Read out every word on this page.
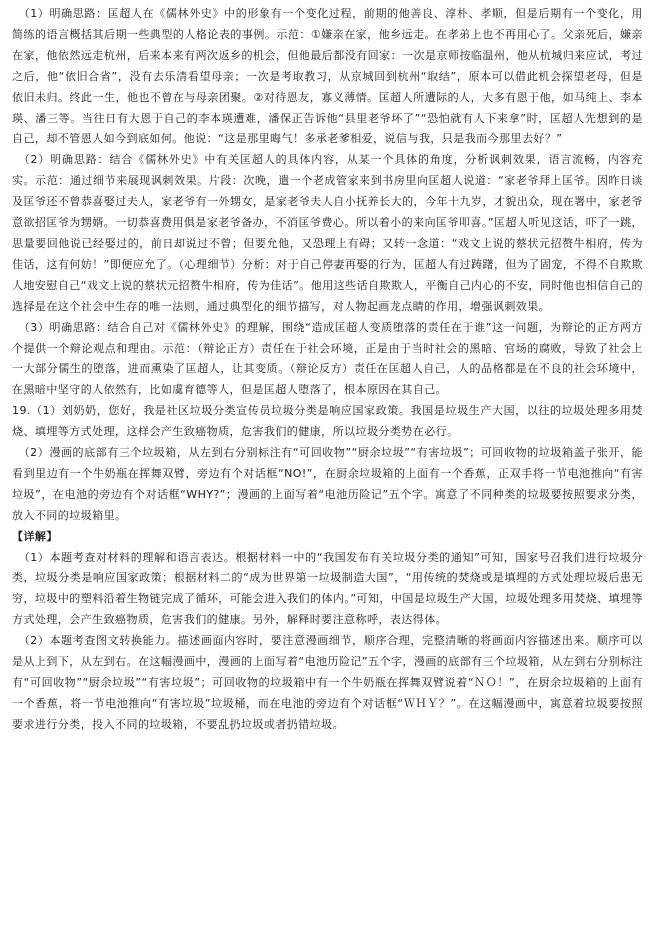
（1）明确思路：匡超人在《儒林外史》中的形象有一个变化过程，前期的他善良、淳朴、孝顺，但是后期有一个变化，用简练的语言概括其后期一些典型的人格论表的事例。示范：①嫌亲在家，他乡远走。在孝弟上也不再用心了。父亲死后，嫌亲在家，他依然远走杭州，后来本来有两次返乡的机会，但他最后都没有回家：一次是京师按临温州，他从杭城归来应试，考过之后，他“依旧合省”，没有去乐清看望母亲；一次是考取教习，从京城回到杭州“取结”，原本可以借此机会探望老母，但是依旧未归。终此一生，他也不曾在与母亲团聚。②对待恩友，寡义薄情。匡超人所遭际的人，大多有恩于他，如马纯上、李本瑛、潘三等。当往日有大恩于自己的李本瑛遭难，潘保正告诉他“县里老爷坏了”“恐怕就有人下来拿”时，匡超人先想到的是自己，却不管恩人如今到底如何。他说：“这是那里晦气！多承老爹相爱，说信与我，只是我而今那里去好？”

（2）明确思路：结合《儒林外史》中有关匡超人的具体内容，从某一个具体的角度，分析讽刺效果，语言流畅，内容充实。示范：通过细节来展现讽刺效果。片段：次晚，遣一个老成管家来到书房里向匡超人说道：“家老爷拜上匡爷。因昨日谈及匡爷还不曾恭喜娶过夫人，家老爷有一外甥女，是家老爷夫人自小抚养长大的，今年十九岁，才貌出众，现在署中，家老爷意欲招匡爷为甥婿。一切恭喜费用俱是家老爷备办，不消匡爷费心。所以着小的来向匡爷叩喜。”匡超人听见这话，吓了一跳，思量要回他说已经娶过的，前日却说过不曾；但要允他，又恐理上有碍；又转一念道：“戏文上说的蔡状元招赘牛相府，传为佳话，这有何妨！”即便应允了。（心理细节）分析：对于自己停妻再娶的行为，匡超人有过踌躇，但为了固宠，不得不自欺欺人地安慰自己“戏文上说的蔡状元招赘牛相府，传为佳话”。他用这些话自欺欺人，平衡自己内心的不安，同时他也相信自己的选择是在这个社会中生存的唯一法则，通过典型化的细节描写，对人物起画龙点睛的作用，增强讽刺效果。

（3）明确思路：结合自己对《儒林外史》的理解，围绕“造成匡超人变质堕落的责任在于谁”这一问题，为辩论的正方两方个提供一个辩论观点和理由。示范：（辩论正方）责任在于社会环境，正是由于当时社会的黑暗、官场的腐败，导致了社会上一大部分儒生的堕落，进而熏染了匡超人，让其变质。（辩论反方）责任在匡超人自己，人的品格都是在不良的社会环境中，在黑暗中坚守的人依然有，比如虞育德等人，但是匡超人堕落了，根本原因在其自己。

19.（1）刘奶奶，您好，我是社区垃圾分类宣传员垃圾分类是响应国家政策。我国是垃圾生产大国，以往的垃圾处理多用焚烧、填埋等方式处理，这样会产生致癌物质，危害我们的健康，所以垃圾分类势在必行。

（2）漫画的底部有三个垃圾箱，从左到右分别标注有“可回收物”“厨余垃圾”“有害垃圾”；可回收物的垃圾箱盖子张开，能看到里边有一个牛奶瓶在挥舞双臂，旁边有个对话框“NO!”，在厨余垃圾箱的上面有一个香蕉，正双手将一节电池推向“有害垃圾”，在电池的旁边有个对话框“WHY?”；漫画的上面写着“电池历险记”五个字。寓意了不同种类的垃圾要按照要求分类，放入不同的垃圾箱里。

【详解】

（1）本题考查对材料的理解和语言表达。根据材料一中的“我国发布有关垃圾分类的通知”可知，国家号召我们进行垃圾分类，垃圾分类是响应国家政策；根据材料二的“成为世界第一垃圾制造大国”，“用传统的焚烧或是填埋的方式处理垃圾后患无穷，垃圾中的塑料沿着生物链完成了循环，可能会进入我们的体内。”可知，中国是垃圾生产大国，垃圾处理多用焚烧、填埋等方式处理，会产生致癌物质，危害我们的健康。另外，解释时要注意称呼，表达得体。

（2）本题考查图文转换能力。描述画面内容时，要注意漫画细节，顺序合理，完整清晰的将画面内容描述出来。顺序可以是从上到下，从左到右。在这幅漫画中，漫画的上面写着“电池历险记”五个字，漫画的底部有三个垃圾箱，从左到右分别标注有“可回收物”“厨余垃圾”“有害垃圾”；可回收物的垃圾箱中有一个牛奶瓶在挥舞双臂说着“ＮＯ！”，在厨余垃圾箱的上面有一个香蕉，将一节电池推向“有害垃圾”垃圾桶，而在电池的旁边有个对话框“ＷＨＹ？”。在这幅漫画中，寓意着垃圾要按照要求进行分类，投入不同的垃圾箱，不要乱扔垃圾或者扔错垃圾。
